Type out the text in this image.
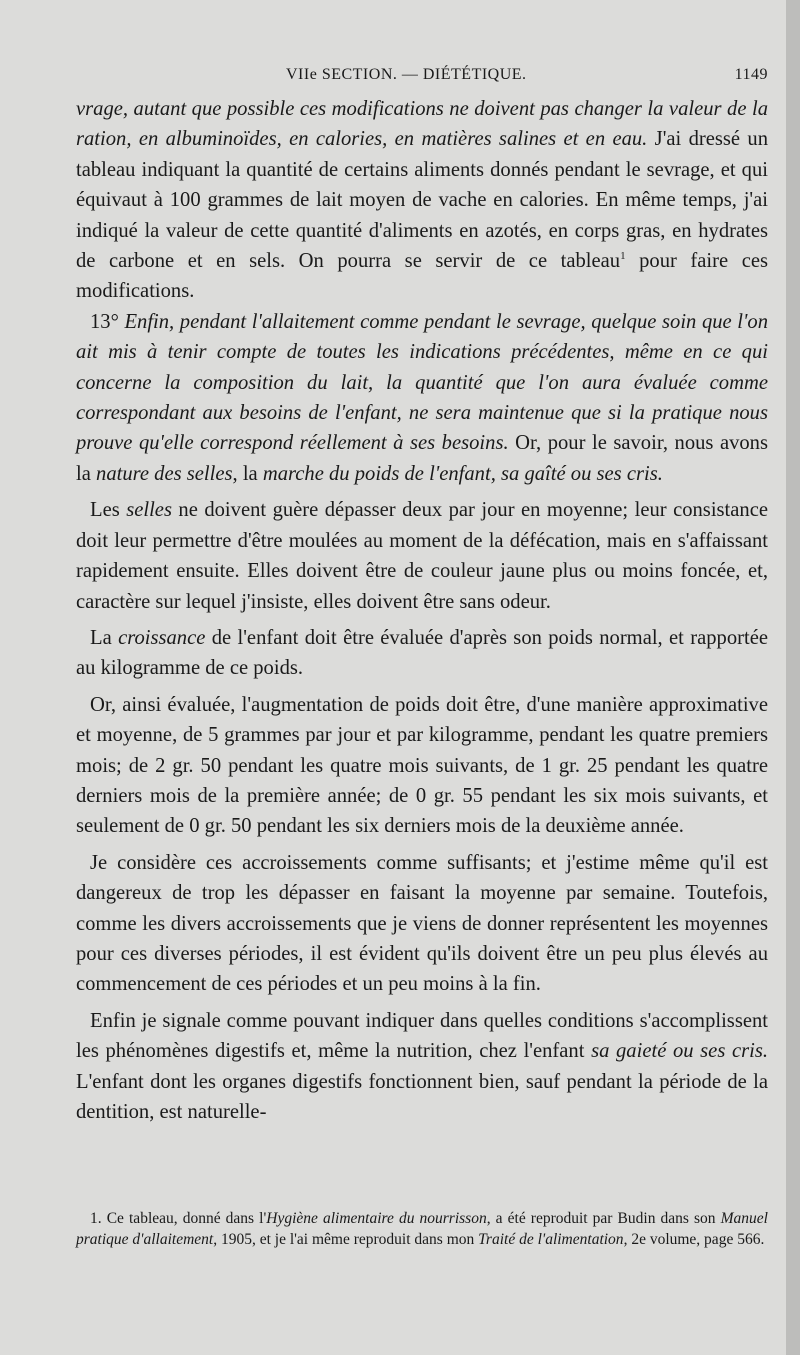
VIIe SECTION. — DIÉTÉTIQUE.	1149

vrage, autant que possible ces modifications ne doivent pas changer la valeur de la ration, en albuminoïdes, en calories, en matières salines et en eau. J'ai dressé un tableau indiquant la quantité de certains aliments donnés pendant le sevrage, et qui équivaut à 100 grammes de lait moyen de vache en calories. En même temps, j'ai indiqué la valeur de cette quantité d'aliments en azotés, en corps gras, en hydrates de carbone et en sels. On pourra se servir de ce tableau$^1$ pour faire ces modifications.

13° Enfin, pendant l'allaitement comme pendant le sevrage, quelque soin que l'on ait mis à tenir compte de toutes les indications précédentes, même en ce qui concerne la composition du lait, la quantité que l'on aura évaluée comme correspondant aux besoins de l'enfant, ne sera maintenue que si la pratique nous prouve qu'elle correspond réellement à ses besoins. Or, pour le savoir, nous avons la nature des selles, la marche du poids de l'enfant, sa gaîté ou ses cris.

Les selles ne doivent guère dépasser deux par jour en moyenne; leur consistance doit leur permettre d'être moulées au moment de la défécation, mais en s'affaissant rapidement ensuite. Elles doivent être de couleur jaune plus ou moins foncée, et, caractère sur lequel j'insiste, elles doivent être sans odeur.

La croissance de l'enfant doit être évaluée d'après son poids normal, et rapportée au kilogramme de ce poids.

Or, ainsi évaluée, l'augmentation de poids doit être, d'une manière approximative et moyenne, de 5 grammes par jour et par kilogramme, pendant les quatre premiers mois; de 2 gr. 50 pendant les quatre mois suivants, de 1 gr. 25 pendant les quatre derniers mois de la première année; de 0 gr. 55 pendant les six mois suivants, et seulement de 0 gr. 50 pendant les six derniers mois de la deuxième année.

Je considère ces accroissements comme suffisants; et j'estime même qu'il est dangereux de trop les dépasser en faisant la moyenne par semaine. Toutefois, comme les divers accroissements que je viens de donner représentent les moyennes pour ces diverses périodes, il est évident qu'ils doivent être un peu plus élevés au commencement de ces périodes et un peu moins à la fin.

Enfin je signale comme pouvant indiquer dans quelles conditions s'accomplissent les phénomènes digestifs et, même la nutrition, chez l'enfant sa gaieté ou ses cris. L'enfant dont les organes digestifs fonctionnent bien, sauf pendant la période de la dentition, est naturelle-

1. Ce tableau, donné dans l'Hygiène alimentaire du nourrisson, a été reproduit par Budin dans son Manuel pratique d'allaitement, 1905, et je l'ai même reproduit dans mon Traité de l'alimentation, 2e volume, page 566.
